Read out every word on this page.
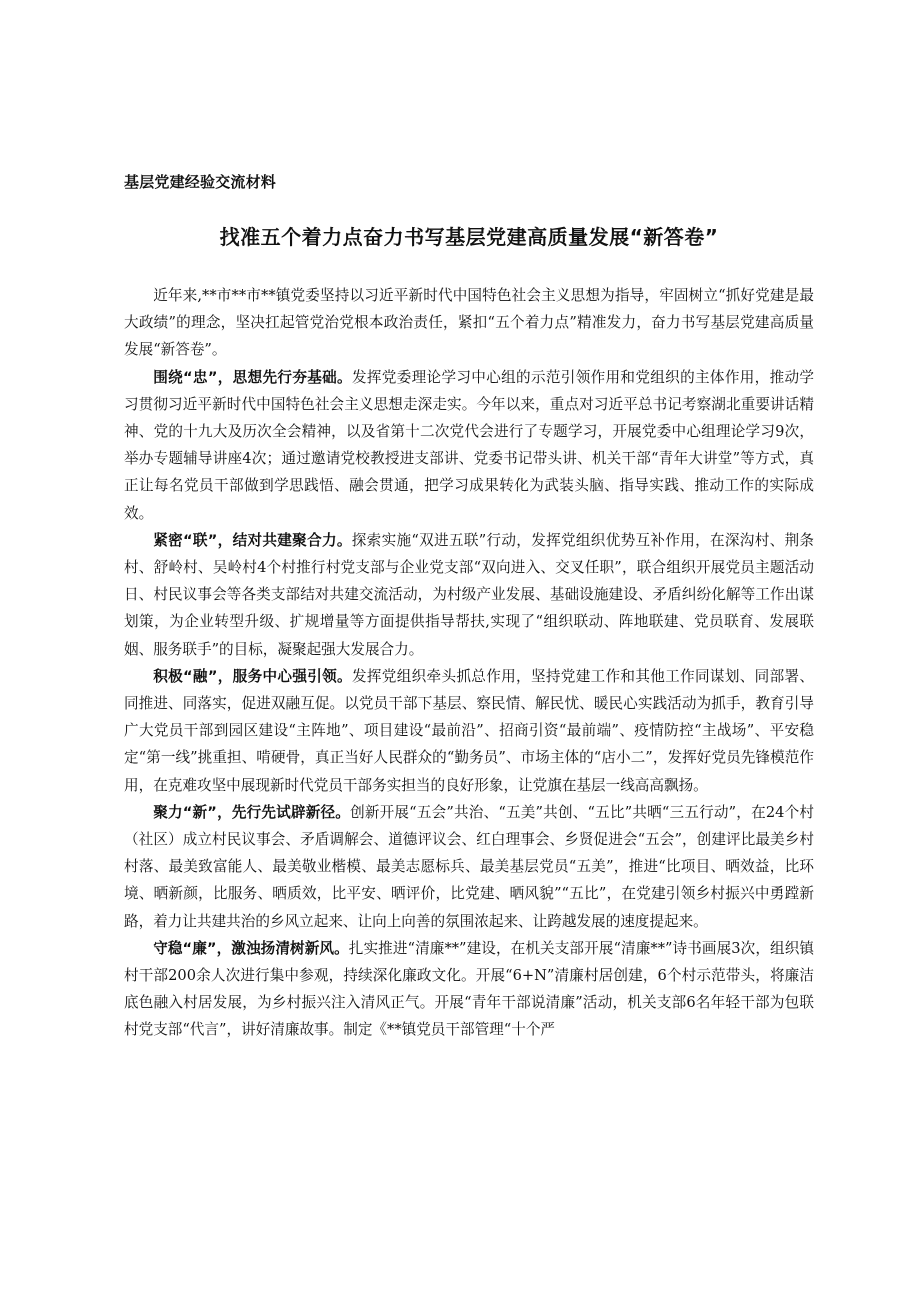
基层党建经验交流材料

找准五个着力点奋力书写基层党建高质量发展“新答卷”

近年来,**市**市**镇党委坚持以习近平新时代中国特色社会主义思想为指导，牢固树立“抓好党建是最大政绩”的理念，坚决扛起管党治党根本政治责任，紧扣“五个着力点”精准发力，奋力书写基层党建高质量发展“新答卷”。

围绕“忠”，思想先行夯基础。发挥党委理论学习中心组的示范引领作用和党组织的主体作用，推动学习贯彻习近平新时代中国特色社会主义思想走深走实。今年以来，重点对习近平总书记考察湖北重要讲话精神、党的十九大及历次全会精神，以及省第十二次党代会进行了专题学习，开展党委中心组理论学习9次，举办专题辅导讲座4次；通过邀请党校教授进支部讲、党委书记带头讲、机关干部“青年大讲堂”等方式，真正让每名党员干部做到学思践悟、融会贯通，把学习成果转化为武装头脑、指导实践、推动工作的实际成效。

紧密“联”，结对共建聚合力。探索实施“双进五联”行动，发挥党组织优势互补作用，在深沟村、荆条村、舒岭村、吴岭村4个村推行村党支部与企业党支部“双向进入、交叉任职”，联合组织开展党员主题活动日、村民议事会等各类支部结对共建交流活动，为村级产业发展、基础设施建设、矛盾纠纷化解等工作出谋划策，为企业转型升级、扩规增量等方面提供指导帮扶,实现了“组织联动、阵地联建、党员联育、发展联姻、服务联手”的目标，凝聚起强大发展合力。

积极“融”，服务中心强引领。发挥党组织牵头抓总作用，坚持党建工作和其他工作同谋划、同部署、同推进、同落实，促进双融互促。以党员干部下基层、察民情、解民忧、暖民心实践活动为抓手，教育引导广大党员干部到园区建设“主阵地”、项目建设“最前沿”、招商引资“最前端”、疫情防控“主战场”、平安稳定“第一线”挑重担、啃硬骨，真正当好人民群众的“勤务员”、市场主体的“店小二”，发挥好党员先锋模范作用，在克难攻坚中展现新时代党员干部务实担当的良好形象，让党旗在基层一线高高飘扬。

聚力“新”，先行先试辟新径。创新开展“五会”共治、“五美”共创、“五比”共晒“三五行动”，在24个村（社区）成立村民议事会、矛盾调解会、道德评议会、红白理事会、乡贤促进会“五会”，创建评比最美乡村村落、最美致富能人、最美敬业楷模、最美志愿标兵、最美基层党员“五美”，推进“比项目、晒效益，比环境、晒新颜，比服务、晒质效，比平安、晒评价，比党建、晒风貌”“五比”，在党建引领乡村振兴中勇蹚新路，着力让共建共治的乡风立起来、让向上向善的氛围浓起来、让跨越发展的速度提起来。

守稳“廉”，激浊扬清树新风。扎实推进“清廉**”建设，在机关支部开展“清廉**”诗书画展3次，组织镇村干部200余人次进行集中参观，持续深化廉政文化。开展“6+N”清廉村居创建，6个村示范带头，将廉洁底色融入村居发展，为乡村振兴注入清风正气。开展“青年干部说清廉”活动，机关支部6名年轻干部为包联村党支部“代言”，讲好清廉故事。制定《**镇党员干部管理“十个严
